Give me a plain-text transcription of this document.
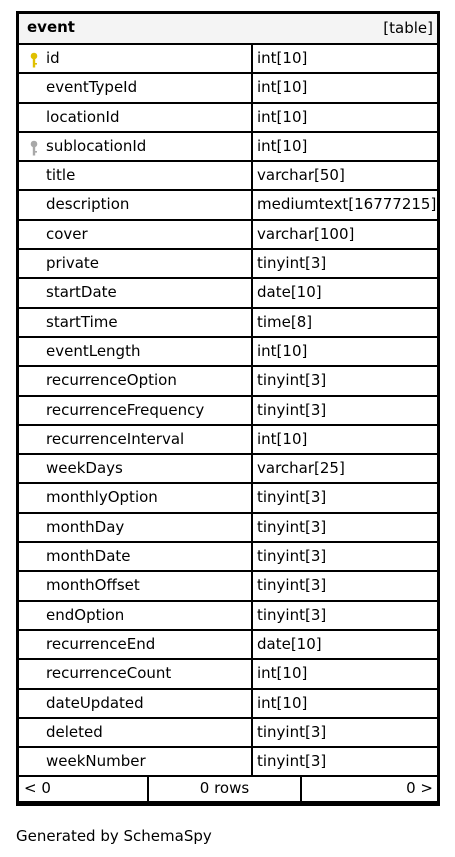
event	[table]
id	int[10]
eventTypeId	int[10]
locationId	int[10]
sublocationId	int[10]
title	varchar[50]
description	mediumtext[16777215]
cover	varchar[100]
private	tinyint[3]
startDate	date[10]
startTime	time[8]
eventLength	int[10]
recurrenceOption	tinyint[3]
recurrenceFrequency	tinyint[3]
recurrenceInterval	int[10]
weekDays	varchar[25]
monthlyOption	tinyint[3]
monthDay	tinyint[3]
monthDate	tinyint[3]
monthOffset	tinyint[3]
endOption	tinyint[3]
recurrenceEnd	date[10]
recurrenceCount	int[10]
dateUpdated	int[10]
deleted	tinyint[3]
weekNumber	tinyint[3]
< 0	0 rows	0 >
Generated by SchemaSpy
